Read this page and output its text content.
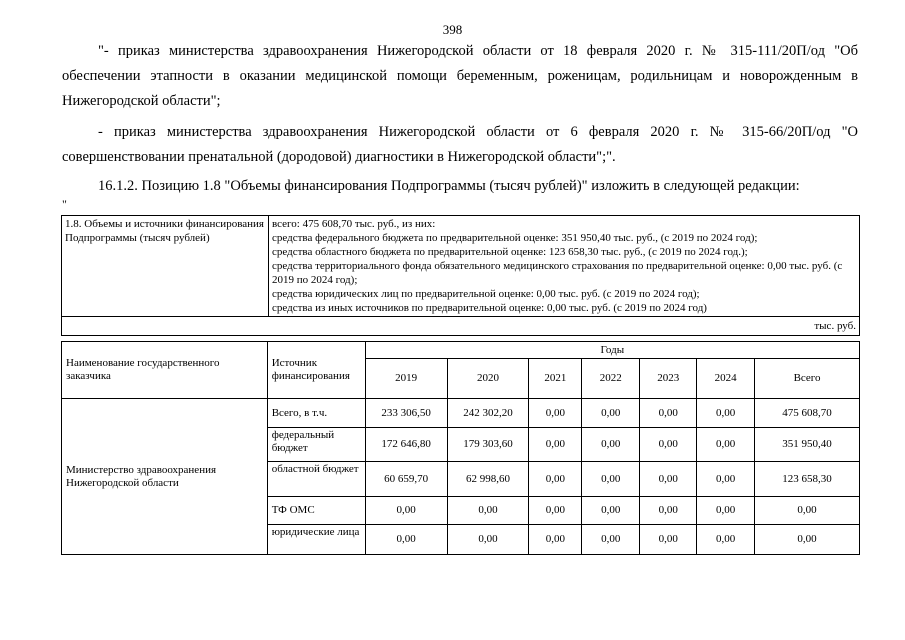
398

"- приказ министерства здравоохранения Нижегородской области от 18 февраля 2020 г. № 315-111/20П/од "Об обеспечении этапности в оказании медицинской помощи беременным, роженицам, родильницам и новорожденным в Нижегородской области";

- приказ министерства здравоохранения Нижегородской области от 6 февраля 2020 г. № 315-66/20П/од "О совершенствовании пренатальной (дородовой) диагностики в Нижегородской области";".

16.1.2. Позицию 1.8 "Объемы финансирования Подпрограммы (тысяч рублей)" изложить в следующей редакции:

"
1.8. Объемы и источники финансирования Подпрограммы (тысяч рублей)	
всего: 475 608,70 тыс. руб., из них:
средства федерального бюджета по предварительной оценке: 351 950,40 тыс. руб., (с 2019 по 2024 год);
средства областного бюджета по предварительной оценке: 123 658,30 тыс. руб., (с 2019 по 2024 год.);
средства территориального фонда обязательного медицинского страхования по предварительной оценке: 0,00 тыс. руб. (с 2019 по 2024 год);
средства юридических лиц по предварительной оценке: 0,00 тыс. руб. (с 2019 по 2024 год);
средства из иных источников по предварительной оценке: 0,00 тыс. руб. (с 2019 по 2024 год)

тыс. руб.
Наименование государственного заказчика	Источник финансирования	Годы						
		2019	2020	2021	2022	2023	2024	Всего
Министерство здравоохранения Нижегородской области	Всего, в т.ч.	233 306,50	242 302,20	0,00	0,00	0,00	0,00	475 608,70
	федеральный бюджет	172 646,80	179 303,60	0,00	0,00	0,00	0,00	351 950,40
	областной бюджет	60 659,70	62 998,60	0,00	0,00	0,00	0,00	123 658,30
	ТФ ОМС	0,00	0,00	0,00	0,00	0,00	0,00	0,00
	юридические лица	0,00	0,00	0,00	0,00	0,00	0,00	0,00
